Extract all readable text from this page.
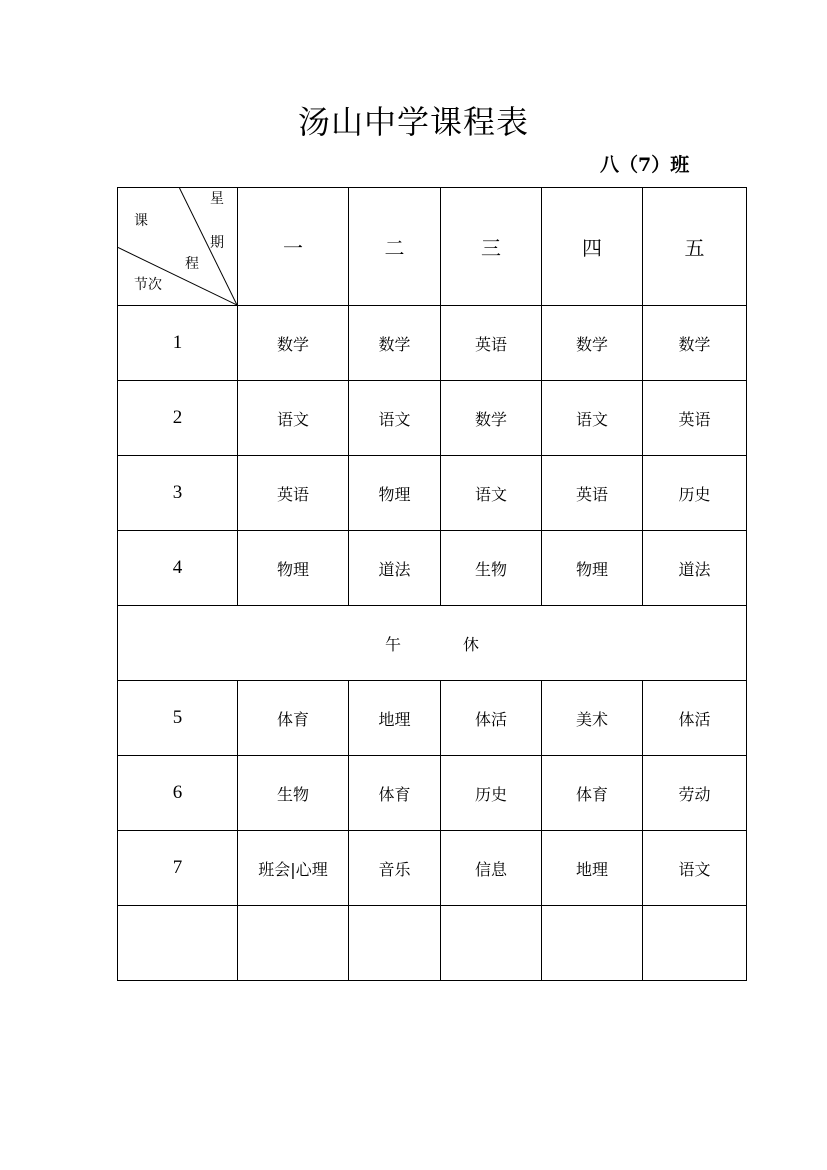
汤山中学课程表
八（7）班
星
课
期
程
节次	一	二	三	四	五
1	数学	数学	英语	数学	数学
2	语文	语文	数学	语文	英语
3	英语	物理	语文	英语	历史
4	物理	道法	生物	物理	道法
午 休					
5	体育	地理	体活	美术	体活
6	生物	体育	历史	体育	劳动
7	班会|心理	音乐	信息	地理	语文
